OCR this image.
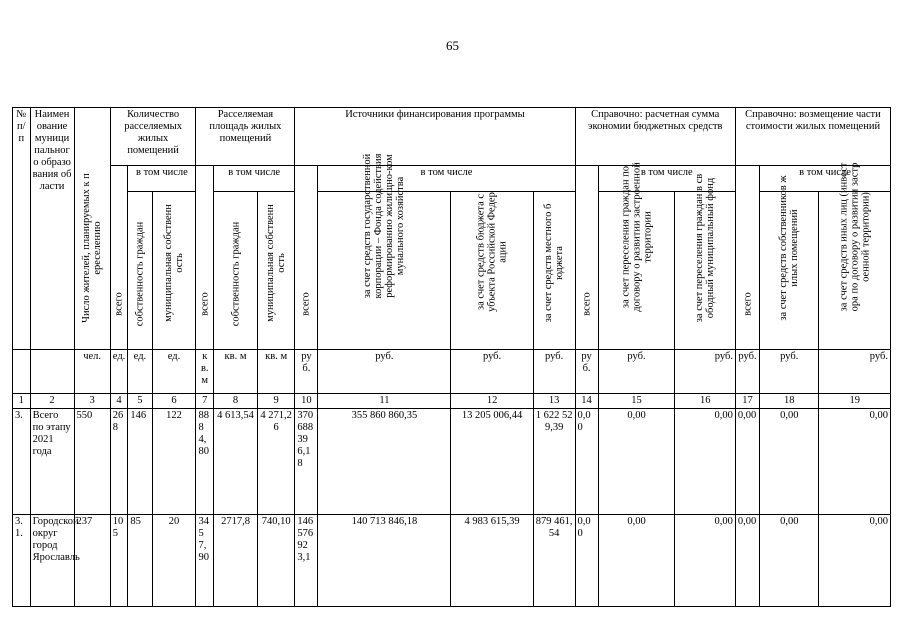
65
№ п/п	Наименование муниципального образования области	Число жителей, планируемых к переселению	Количество расселяемых жилых помещений			Расселяемая площадь жилых помещений			Источники финансирования программы				Справочно: расчетная сумма экономии бюджетных средств			Справочно: возмещение части стоимости жилых помещений		

			всего	в том числе		всего	в том числе		всего	в том числе			всего	в том числе		всего	в том числе	

				собственность граждан	муниципальная собственность		собственность граждан	муниципальная собственность		за счет средств государственной корпорации – Фонда содействия реформированию жилищно-коммунального хозяйства	за счет средств бюджета субъекта Российской Федерации	за счет средств местного бюджета		за счет переселения граждан по договору о развитии застроенной территории	за счет переселения граждан в свободный муниципальный фонд		за счет средств собственников жилых помещений	за счет средств иных лиц (инвестора по договору о развитии застроенной территории)

		чел.	ед.	ед.	ед.	кв. м	кв. м	кв. м	руб.	руб.	руб.	руб.	руб.	руб.	руб.	руб.	руб.	руб.
1	2	3	4	5	6	7	8	9	10	11	12	13	14	15	16	17	18	19
3.	Всего по этапу 2021 года	550	268	146	122	8884,80	4 613,54	4 271,26	370688396,18	355 860 860,35	13 205 006,44	1 622 529,39	0,00	0,00	0,00	0,00	0,00	0,00
3.1.	Городской округ город Ярославль	237	105	85	20	3457,90	2717,8	740,10	146576923,1	140 713 846,18	4 983 615,39	879 461,54	0,00	0,00	0,00	0,00	0,00	0,00
